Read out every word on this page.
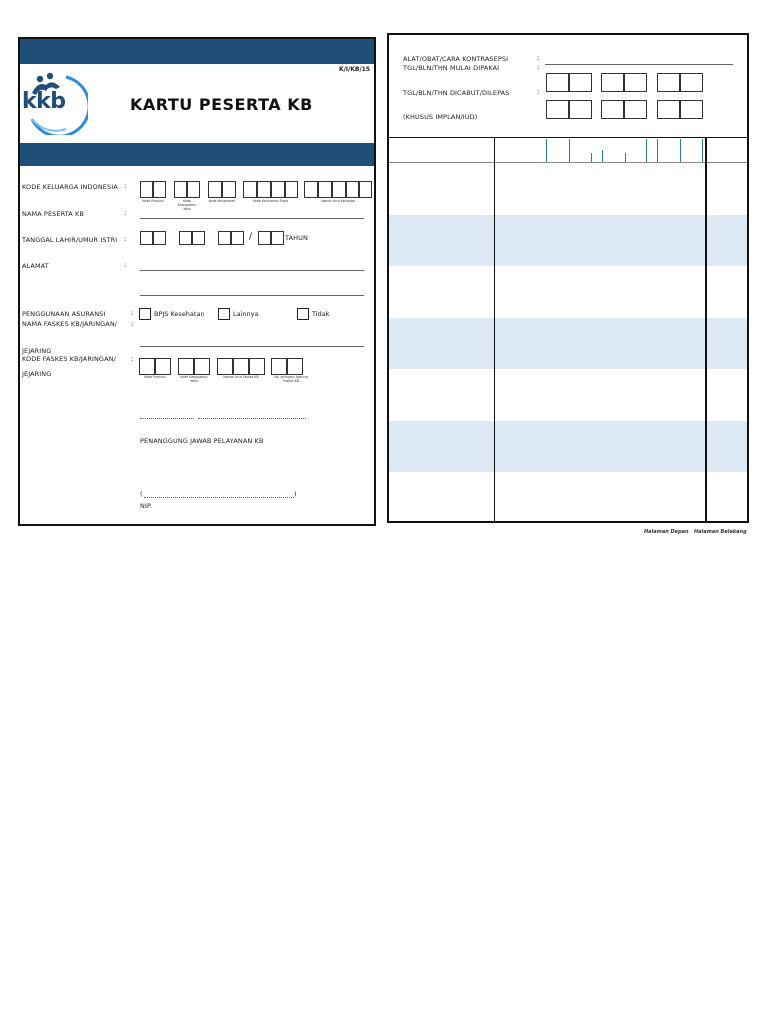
K/I/KB/15
kkb	KARTU PESERTA KB
KODE KELUARGA INDONESIA :
Kode Provinsi	Kode Kabupaten/ Kota
Kode Kecamatan	Kode Kelurahan/ Desa	Nomor Urut Keluarga
NAMA PESERTA KB	:
TANGGAL LAHIR/UMUR ISTRI :	/	TAHUN
ALAMAT	:
PENGGUNAAN ASURANSI	:	BPJS Kesehatan	Lainnya	Tidak
NAMA FASKES KB/JARINGAN/ :
JEJARING
KODE FASKES KB/JARINGAN/ :
JEJARING	Kode Provinsi	Kode Kabupaten/ Kota
Nomor Urut Faskes KB	No. Jaringan/ Jejaring Faskes KB
PENANGGUNG JAWAB PELAYANAN KB
(	)
NIP.
ALAT/OBAT/CARA KONTRASEPSI	:
TGL/BLN/THN MULAI DIPAKAI	:
TGL/BLN/THN DICABUT/DILEPAS	:
(KHUSUS IMPLAN/IUD)
Halaman Depan Halaman Belakang
